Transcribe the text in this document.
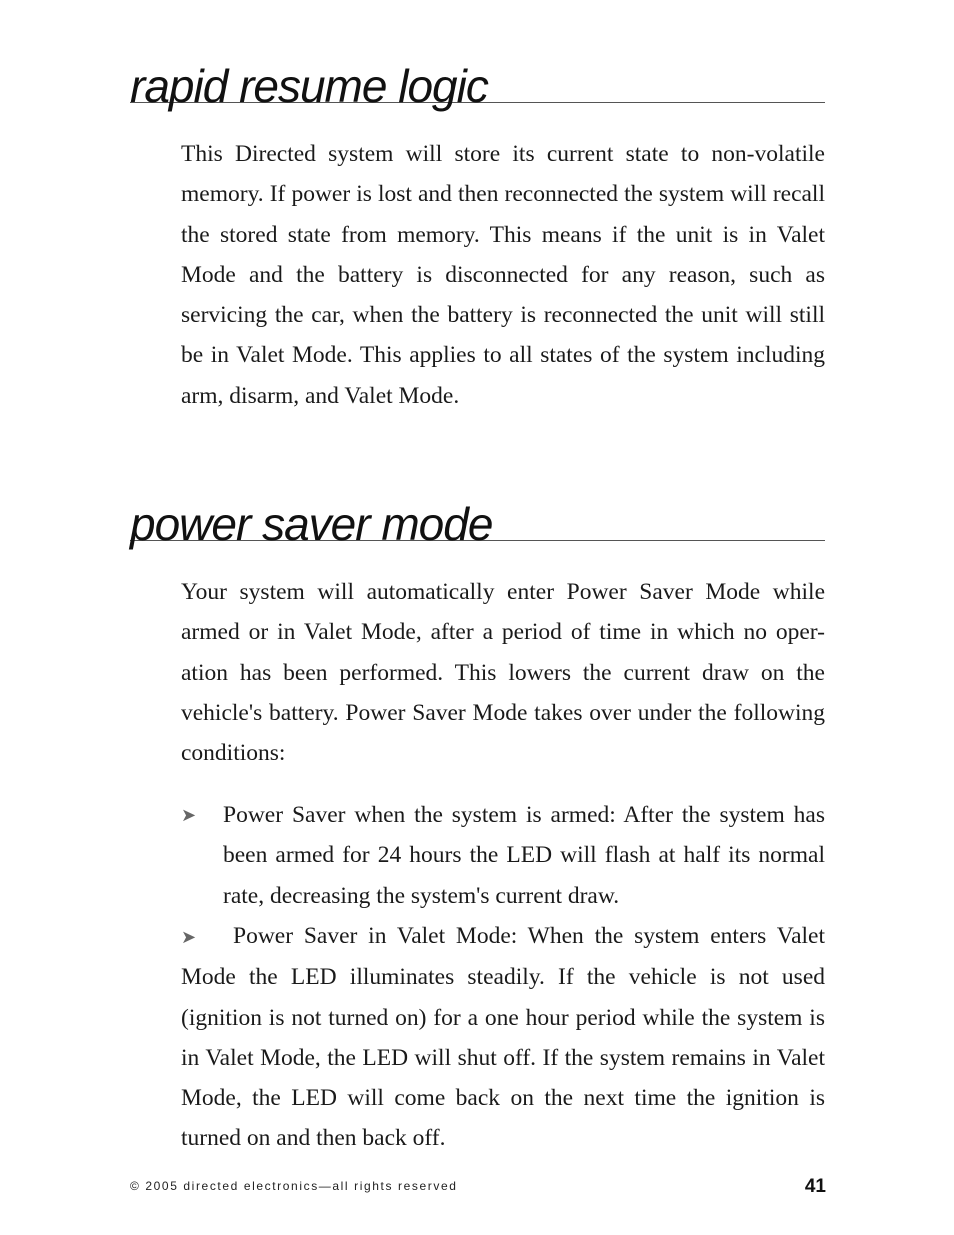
rapid resume logic

This Directed system will store its current state to non-volatile memory. If power is lost and then reconnected the system will recall the stored state from memory. This means if the unit is in Valet Mode and the battery is disconnected for any reason, such as servicing the car, when the battery is reconnected the unit will still be in Valet Mode. This applies to all states of the system including arm, disarm, and Valet Mode.

power saver mode

Your system will automatically enter Power Saver Mode while armed or in Valet Mode, after a period of time in which no oper-ation has been performed. This lowers the current draw on the vehicle's battery. Power Saver Mode takes over under the following conditions:

➤	Power Saver when the system is armed: After the system has been armed for 24 hours the LED will flash at half its normal rate, decreasing the system's current draw.

➤ Power Saver in Valet Mode: When the system enters Valet Mode the LED illuminates steadily. If the vehicle is not used (ignition is not turned on) for a one hour period while the system is in Valet Mode, the LED will shut off. If the system remains in Valet Mode, the LED will come back on the next time the ignition is turned on and then back off.

© 2005 directed electronics—all rights reserved	41
